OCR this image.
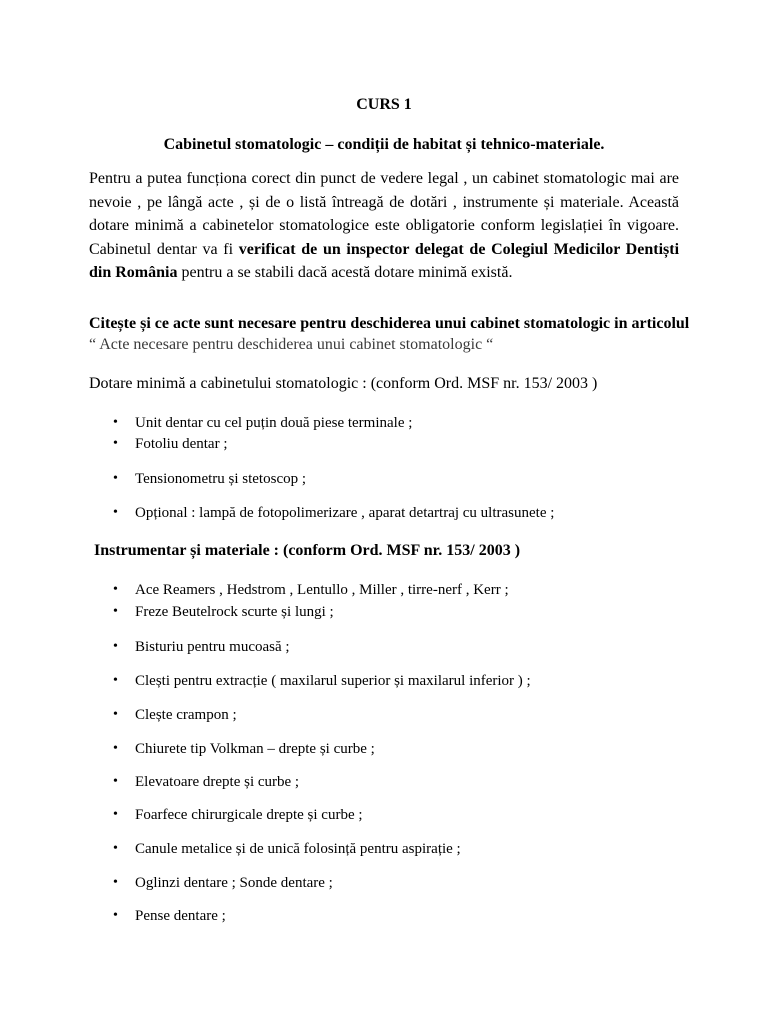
CURS 1

Cabinetul stomatologic – condiții de habitat și tehnico-materiale.

Pentru a putea funcționa corect din punct de vedere legal , un cabinet stomatologic mai are nevoie , pe lângă acte , și de o listă întreagă de dotări , instrumente și materiale. Această dotare minimă a cabinetelor stomatologice este obligatorie conform legislației în vigoare. Cabinetul dentar va fi verificat de un inspector delegat de Colegiul Medicilor Dentiști din România pentru a se stabili dacă acestă dotare minimă există.

Citește și ce acte sunt necesare pentru deschiderea unui cabinet stomatologic in articolul “ Acte necesare pentru deschiderea unui cabinet stomatologic “

Dotare minimă a cabinetului stomatologic : (conform Ord. MSF nr. 153/ 2003 )

•	Unit dentar cu cel puțin două piese terminale ;
•	Fotoliu dentar ;
•	Tensionometru și stetoscop ;
•	Opțional : lampă de fotopolimerizare , aparat detartraj cu ultrasunete ;

Instrumentar și materiale : (conform Ord. MSF nr. 153/ 2003 )

•	Ace Reamers , Hedstrom , Lentullo , Miller , tirre-nerf , Kerr ;
•	Freze Beutelrock scurte și lungi ;
•	Bisturiu pentru mucoasă ;
•	Clești pentru extracție ( maxilarul superior și maxilarul inferior ) ;
•	Clește crampon ;
•	Chiurete tip Volkman – drepte și curbe ;
•	Elevatoare drepte și curbe ;
•	Foarfece chirurgicale drepte și curbe ;
•	Canule metalice și de unică folosință pentru aspirație ;
•	Oglinzi dentare ; Sonde dentare ;
•	Pense dentare ;
